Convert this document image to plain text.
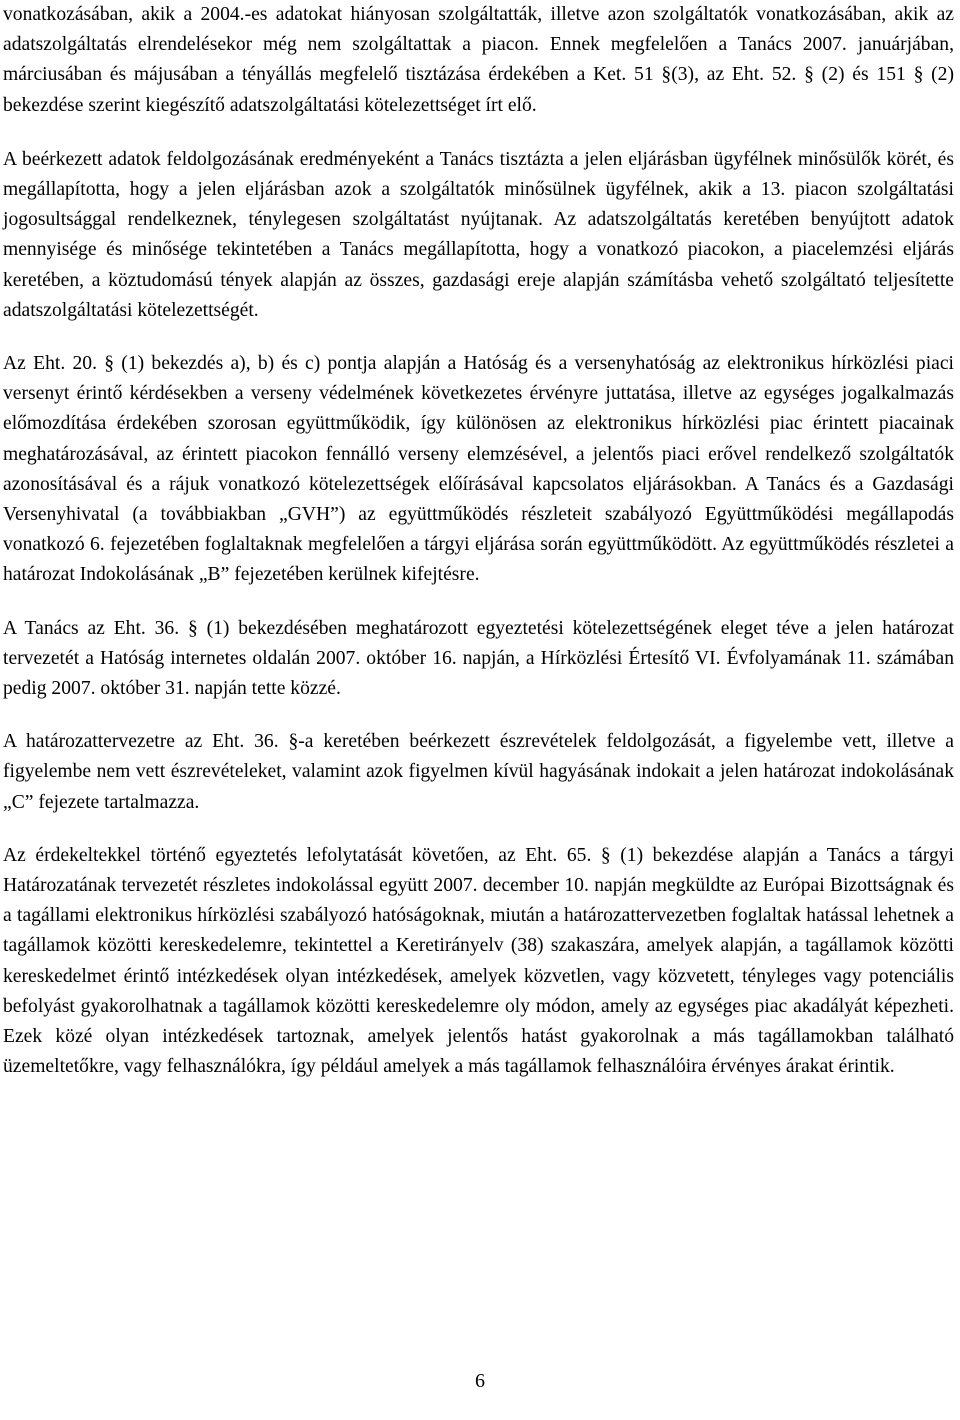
vonatkozásában, akik a 2004.-es adatokat hiányosan szolgáltatták, illetve azon szolgáltatók vonatkozásában, akik az adatszolgáltatás elrendelésekor még nem szolgáltattak a piacon. Ennek megfelelően a Tanács 2007. januárjában, márciusában és májusában a tényállás megfelelő tisztázása érdekében a Ket. 51 §(3), az Eht. 52. § (2) és 151 § (2) bekezdése szerint kiegészítő adatszolgáltatási kötelezettséget írt elő.

A beérkezett adatok feldolgozásának eredményeként a Tanács tisztázta a jelen eljárásban ügyfélnek minősülők körét, és megállapította, hogy a jelen eljárásban azok a szolgáltatók minősülnek ügyfélnek, akik a 13. piacon szolgáltatási jogosultsággal rendelkeznek, ténylegesen szolgáltatást nyújtanak. Az adatszolgáltatás keretében benyújtott adatok mennyisége és minősége tekintetében a Tanács megállapította, hogy a vonatkozó piacokon, a piacelemzési eljárás keretében, a köztudomású tények alapján az összes, gazdasági ereje alapján számításba vehető szolgáltató teljesítette adatszolgáltatási kötelezettségét.

Az Eht. 20. § (1) bekezdés a), b) és c) pontja alapján a Hatóság és a versenyhatóság az elektronikus hírközlési piaci versenyt érintő kérdésekben a verseny védelmének következetes érvényre juttatása, illetve az egységes jogalkalmazás előmozdítása érdekében szorosan együttműködik, így különösen az elektronikus hírközlési piac érintett piacainak meghatározásával, az érintett piacokon fennálló verseny elemzésével, a jelentős piaci erővel rendelkező szolgáltatók azonosításával és a rájuk vonatkozó kötelezettségek előírásával kapcsolatos eljárásokban. A Tanács és a Gazdasági Versenyhivatal (a továbbiakban „GVH”) az együttműködés részleteit szabályozó Együttműködési megállapodás vonatkozó 6. fejezetében foglaltaknak megfelelően a tárgyi eljárása során együttműködött. Az együttműködés részletei a határozat Indokolásának „B” fejezetében kerülnek kifejtésre.

A Tanács az Eht. 36. § (1) bekezdésében meghatározott egyeztetési kötelezettségének eleget téve a jelen határozat tervezetét a Hatóság internetes oldalán 2007. október 16. napján, a Hírközlési Értesítő VI. Évfolyamának 11. számában pedig 2007. október 31. napján tette közzé.

A határozattervezetre az Eht. 36. §-a keretében beérkezett észrevételek feldolgozását, a figyelembe vett, illetve a figyelembe nem vett észrevételeket, valamint azok figyelmen kívül hagyásának indokait a jelen határozat indokolásának „C” fejezete tartalmazza.

Az érdekeltekkel történő egyeztetés lefolytatását követően, az Eht. 65. § (1) bekezdése alapján a Tanács a tárgyi Határozatának tervezetét részletes indokolással együtt 2007. december 10. napján megküldte az Európai Bizottságnak és a tagállami elektronikus hírközlési szabályozó hatóságoknak, miután a határozattervezetben foglaltak hatással lehetnek a tagállamok közötti kereskedelemre, tekintettel a Keretirányelv (38) szakaszára, amelyek alapján, a tagállamok közötti kereskedelmet érintő intézkedések olyan intézkedések, amelyek közvetlen, vagy közvetett, tényleges vagy potenciális befolyást gyakorolhatnak a tagállamok közötti kereskedelemre oly módon, amely az egységes piac akadályát képezheti. Ezek közé olyan intézkedések tartoznak, amelyek jelentős hatást gyakorolnak a más tagállamokban található üzemeltetőkre, vagy felhasználókra, így például amelyek a más tagállamok felhasználóira érvényes árakat érintik.

6
